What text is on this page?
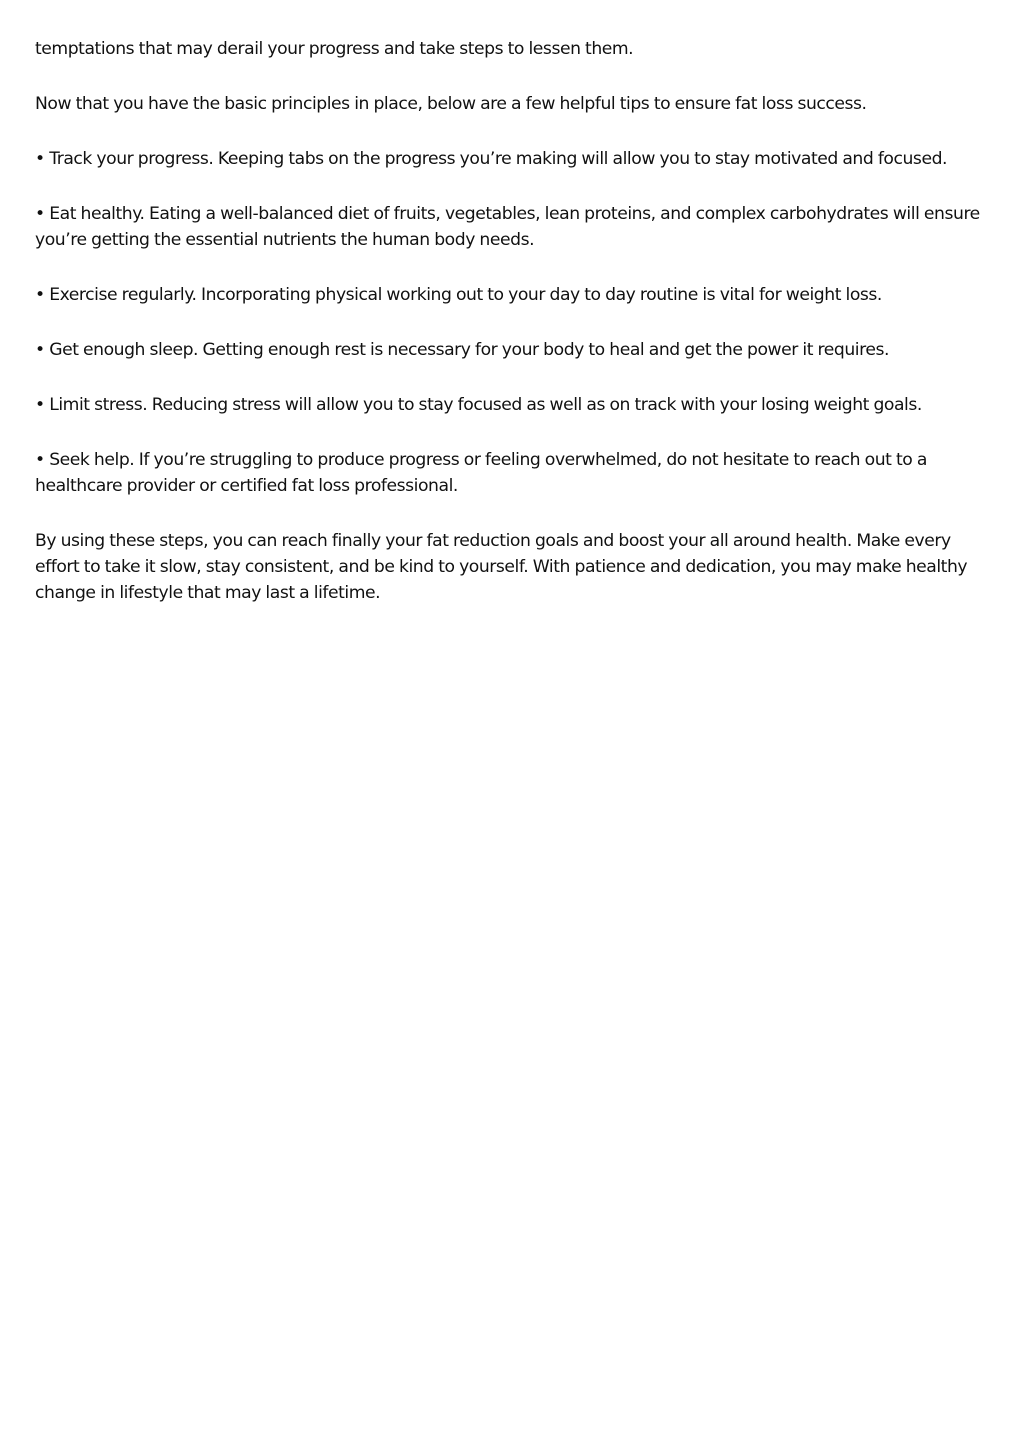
temptations that may derail your progress and take steps to lessen them.

Now that you have the basic principles in place, below are a few helpful tips to ensure fat loss success.

• Track your progress. Keeping tabs on the progress you’re making will allow you to stay motivated and focused.

• Eat healthy. Eating a well-balanced diet of fruits, vegetables, lean proteins, and complex carbohydrates will ensure you’re getting the essential nutrients the human body needs.

• Exercise regularly. Incorporating physical working out to your day to day routine is vital for weight loss.

• Get enough sleep. Getting enough rest is necessary for your body to heal and get the power it requires.

• Limit stress. Reducing stress will allow you to stay focused as well as on track with your losing weight goals.

• Seek help. If you’re struggling to produce progress or feeling overwhelmed, do not hesitate to reach out to a healthcare provider or certified fat loss professional.

By using these steps, you can reach finally your fat reduction goals and boost your all around health. Make every effort to take it slow, stay consistent, and be kind to yourself. With patience and dedication, you may make healthy change in lifestyle that may last a lifetime.
